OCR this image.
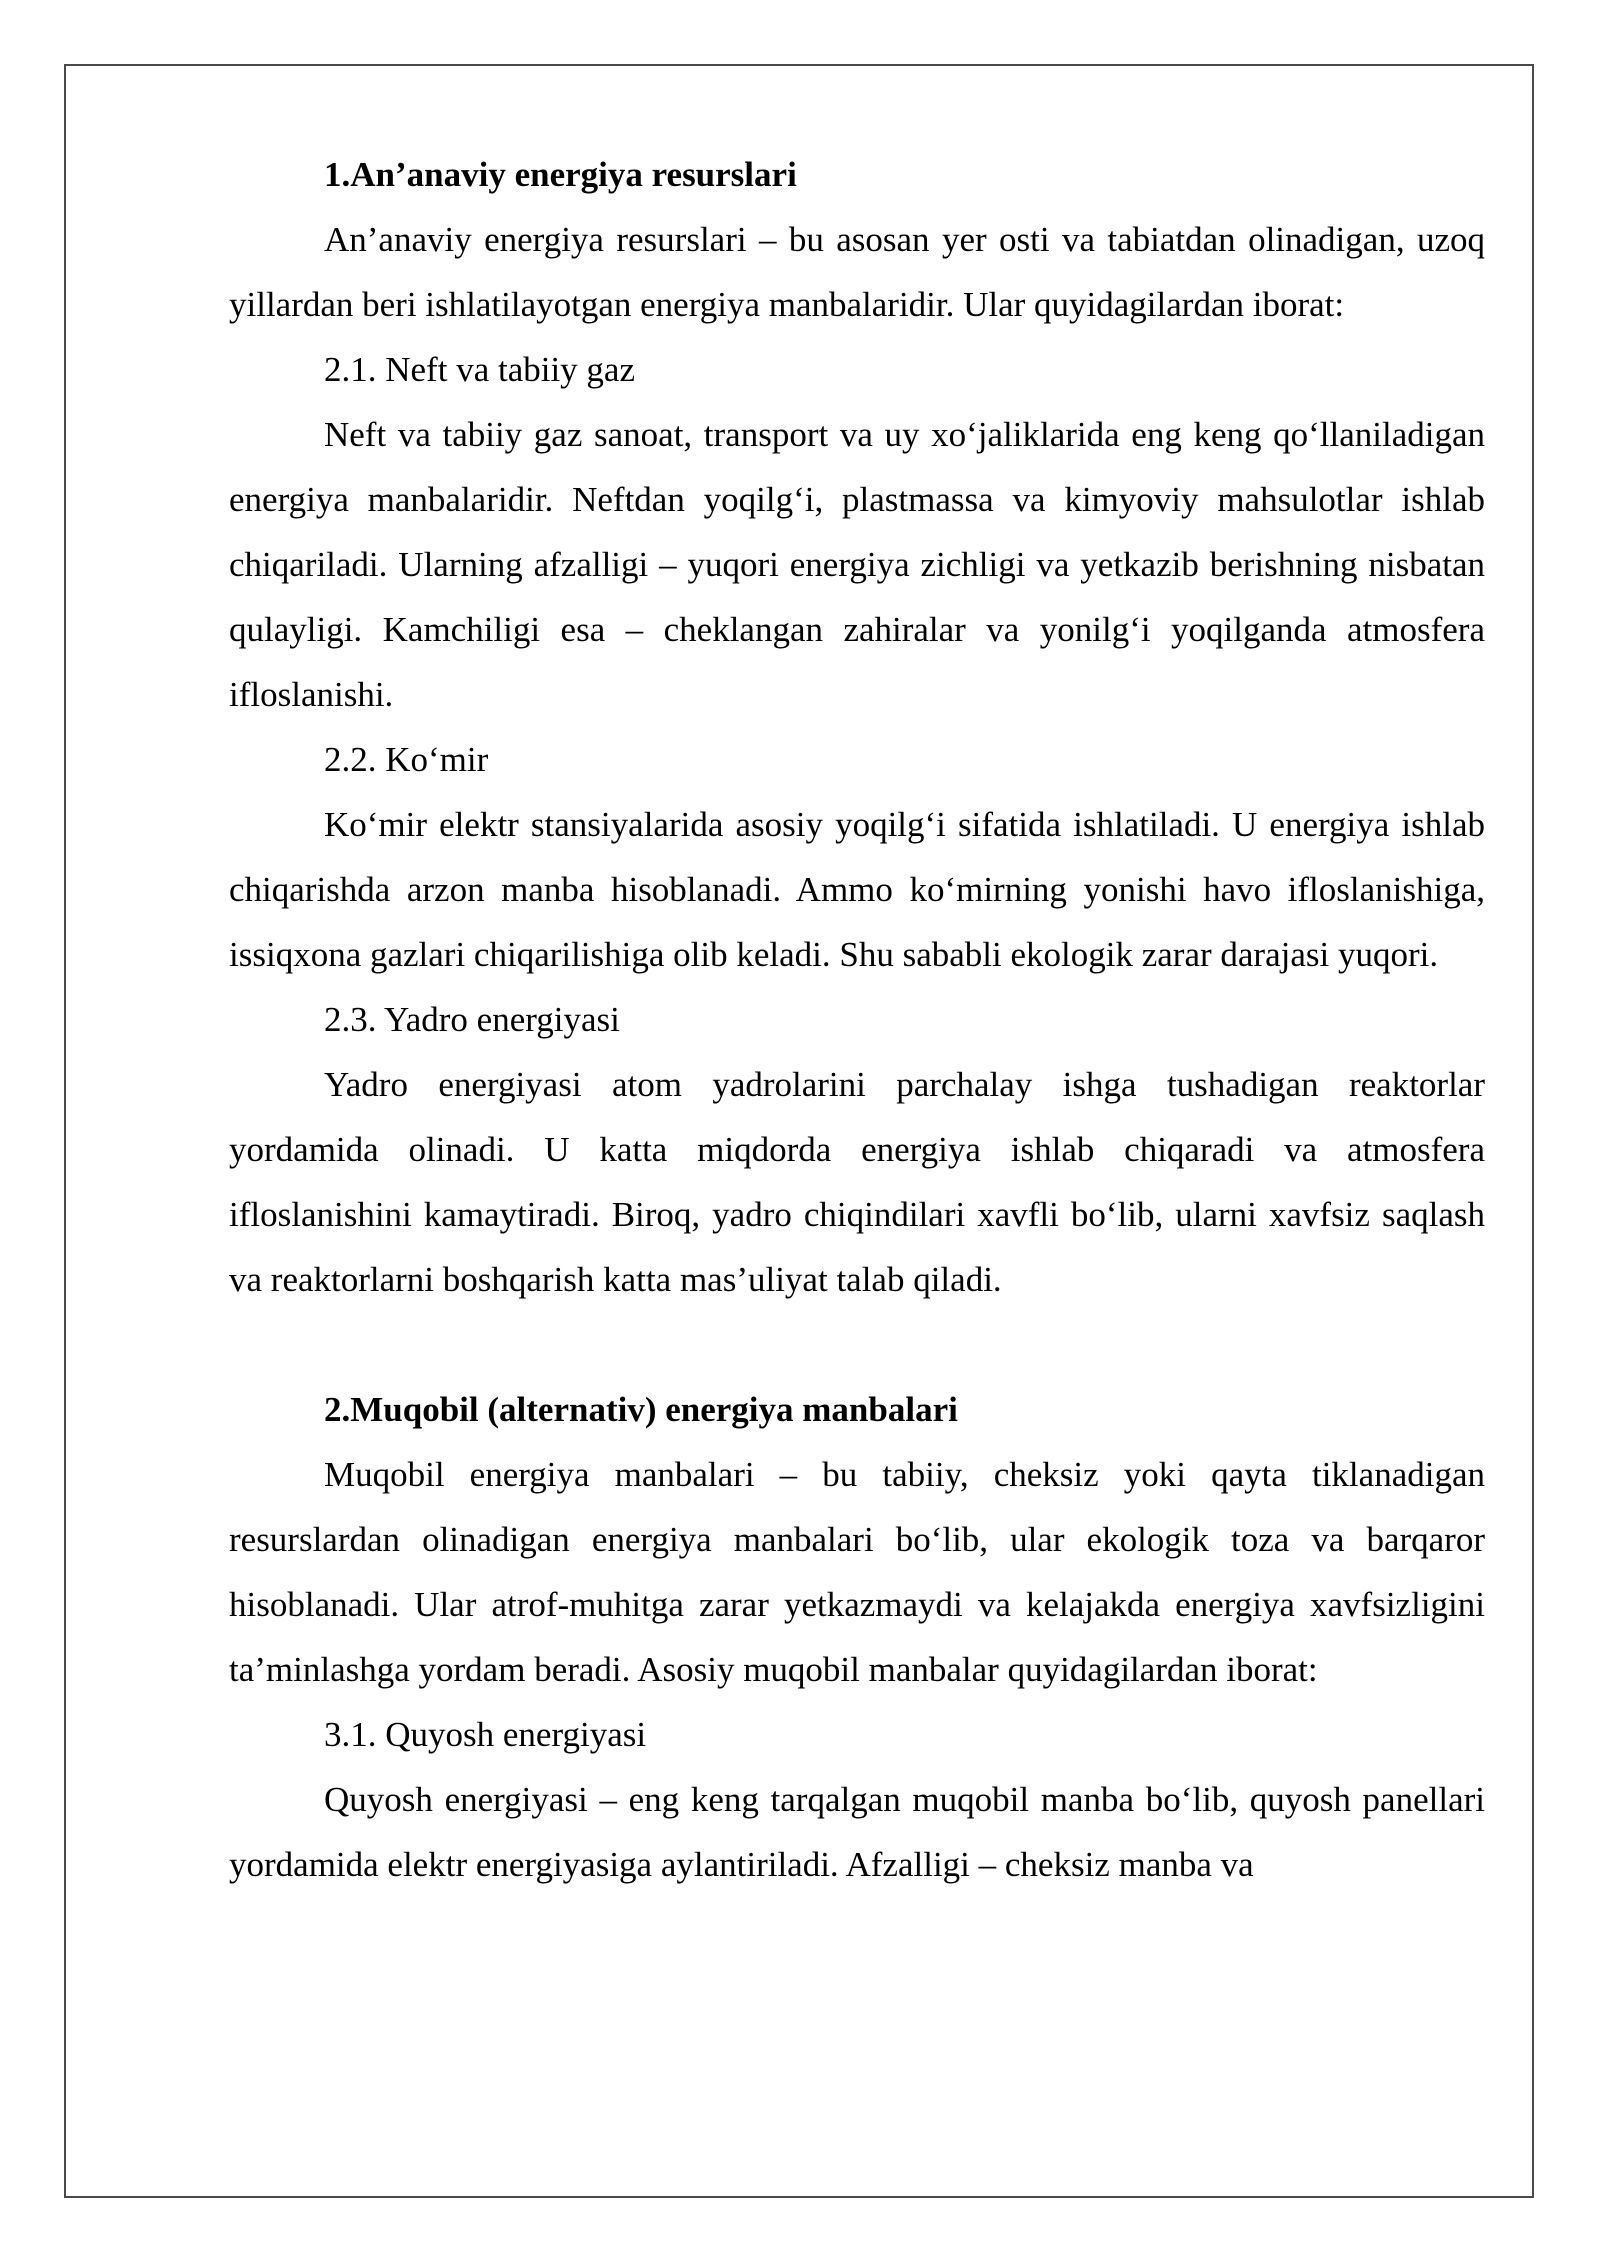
1.An’anaviy energiya resurslari

An’anaviy energiya resurslari – bu asosan yer osti va tabiatdan olinadigan, uzoq yillardan beri ishlatilayotgan energiya manbalaridir. Ular quyidagilardan iborat:

2.1. Neft va tabiiy gaz

Neft va tabiiy gaz sanoat, transport va uy xo‘jaliklarida eng keng qo‘llaniladigan energiya manbalaridir. Neftdan yoqilg‘i, plastmassa va kimyoviy mahsulotlar ishlab chiqariladi. Ularning afzalligi – yuqori energiya zichligi va yetkazib berishning nisbatan qulayligi. Kamchiligi esa – cheklangan zahiralar va yonilg‘i yoqilganda atmosfera ifloslanishi.

2.2. Ko‘mir

Ko‘mir elektr stansiyalarida asosiy yoqilg‘i sifatida ishlatiladi. U energiya ishlab chiqarishda arzon manba hisoblanadi. Ammo ko‘mirning yonishi havo ifloslanishiga, issiqxona gazlari chiqarilishiga olib keladi. Shu sababli ekologik zarar darajasi yuqori.

2.3. Yadro energiyasi

Yadro energiyasi atom yadrolarini parchalay ishga tushadigan reaktorlar yordamida olinadi. U katta miqdorda energiya ishlab chiqaradi va atmosfera ifloslanishini kamaytiradi. Biroq, yadro chiqindilari xavfli bo‘lib, ularni xavfsiz saqlash va reaktorlarni boshqarish katta mas’uliyat talab qiladi.

2.Muqobil (alternativ) energiya manbalari

Muqobil energiya manbalari – bu tabiiy, cheksiz yoki qayta tiklanadigan resurslardan olinadigan energiya manbalari bo‘lib, ular ekologik toza va barqaror hisoblanadi. Ular atrof-muhitga zarar yetkazmaydi va kelajakda energiya xavfsizligini ta’minlashga yordam beradi. Asosiy muqobil manbalar quyidagilardan iborat:

3.1. Quyosh energiyasi

Quyosh energiyasi – eng keng tarqalgan muqobil manba bo‘lib, quyosh panellari yordamida elektr energiyasiga aylantiriladi. Afzalligi – cheksiz manba va
